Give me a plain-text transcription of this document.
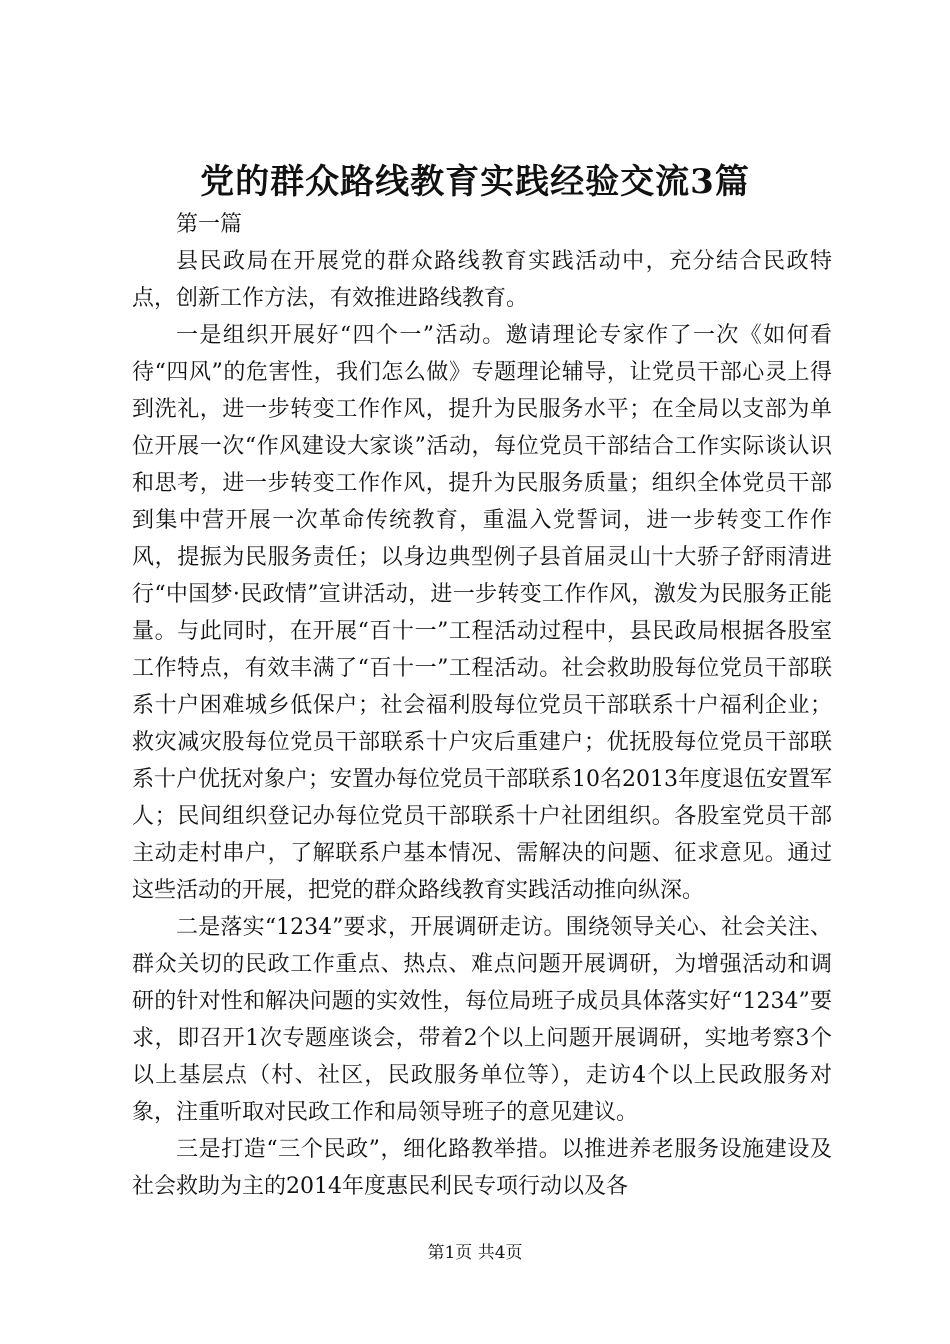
党的群众路线教育实践经验交流3篇

第一篇

县民政局在开展党的群众路线教育实践活动中，充分结合民政特点，创新工作方法，有效推进路线教育。

一是组织开展好“四个一”活动。邀请理论专家作了一次《如何看待“四风”的危害性，我们怎么做》专题理论辅导，让党员干部心灵上得到洗礼，进一步转变工作作风，提升为民服务水平；在全局以支部为单位开展一次“作风建设大家谈”活动，每位党员干部结合工作实际谈认识和思考，进一步转变工作作风，提升为民服务质量；组织全体党员干部到集中营开展一次革命传统教育，重温入党誓词，进一步转变工作作风，提振为民服务责任；以身边典型例子县首届灵山十大骄子舒雨清进行“中国梦·民政情”宣讲活动，进一步转变工作作风，激发为民服务正能量。与此同时，在开展“百十一”工程活动过程中，县民政局根据各股室工作特点，有效丰满了“百十一”工程活动。社会救助股每位党员干部联系十户困难城乡低保户；社会福利股每位党员干部联系十户福利企业；救灾减灾股每位党员干部联系十户灾后重建户；优抚股每位党员干部联系十户优抚对象户；安置办每位党员干部联系10名2013年度退伍安置军人；民间组织登记办每位党员干部联系十户社团组织。各股室党员干部主动走村串户，了解联系户基本情况、需解决的问题、征求意见。通过这些活动的开展，把党的群众路线教育实践活动推向纵深。

二是落实“1234”要求，开展调研走访。围绕领导关心、社会关注、群众关切的民政工作重点、热点、难点问题开展调研，为增强活动和调研的针对性和解决问题的实效性，每位局班子成员具体落实好“1234”要求，即召开1次专题座谈会，带着2个以上问题开展调研，实地考察3个以上基层点（村、社区，民政服务单位等），走访4个以上民政服务对象，注重听取对民政工作和局领导班子的意见建议。

三是打造“三个民政”，细化路教举措。以推进养老服务设施建设及社会救助为主的2014年度惠民利民专项行动以及各

第1页 共4页
